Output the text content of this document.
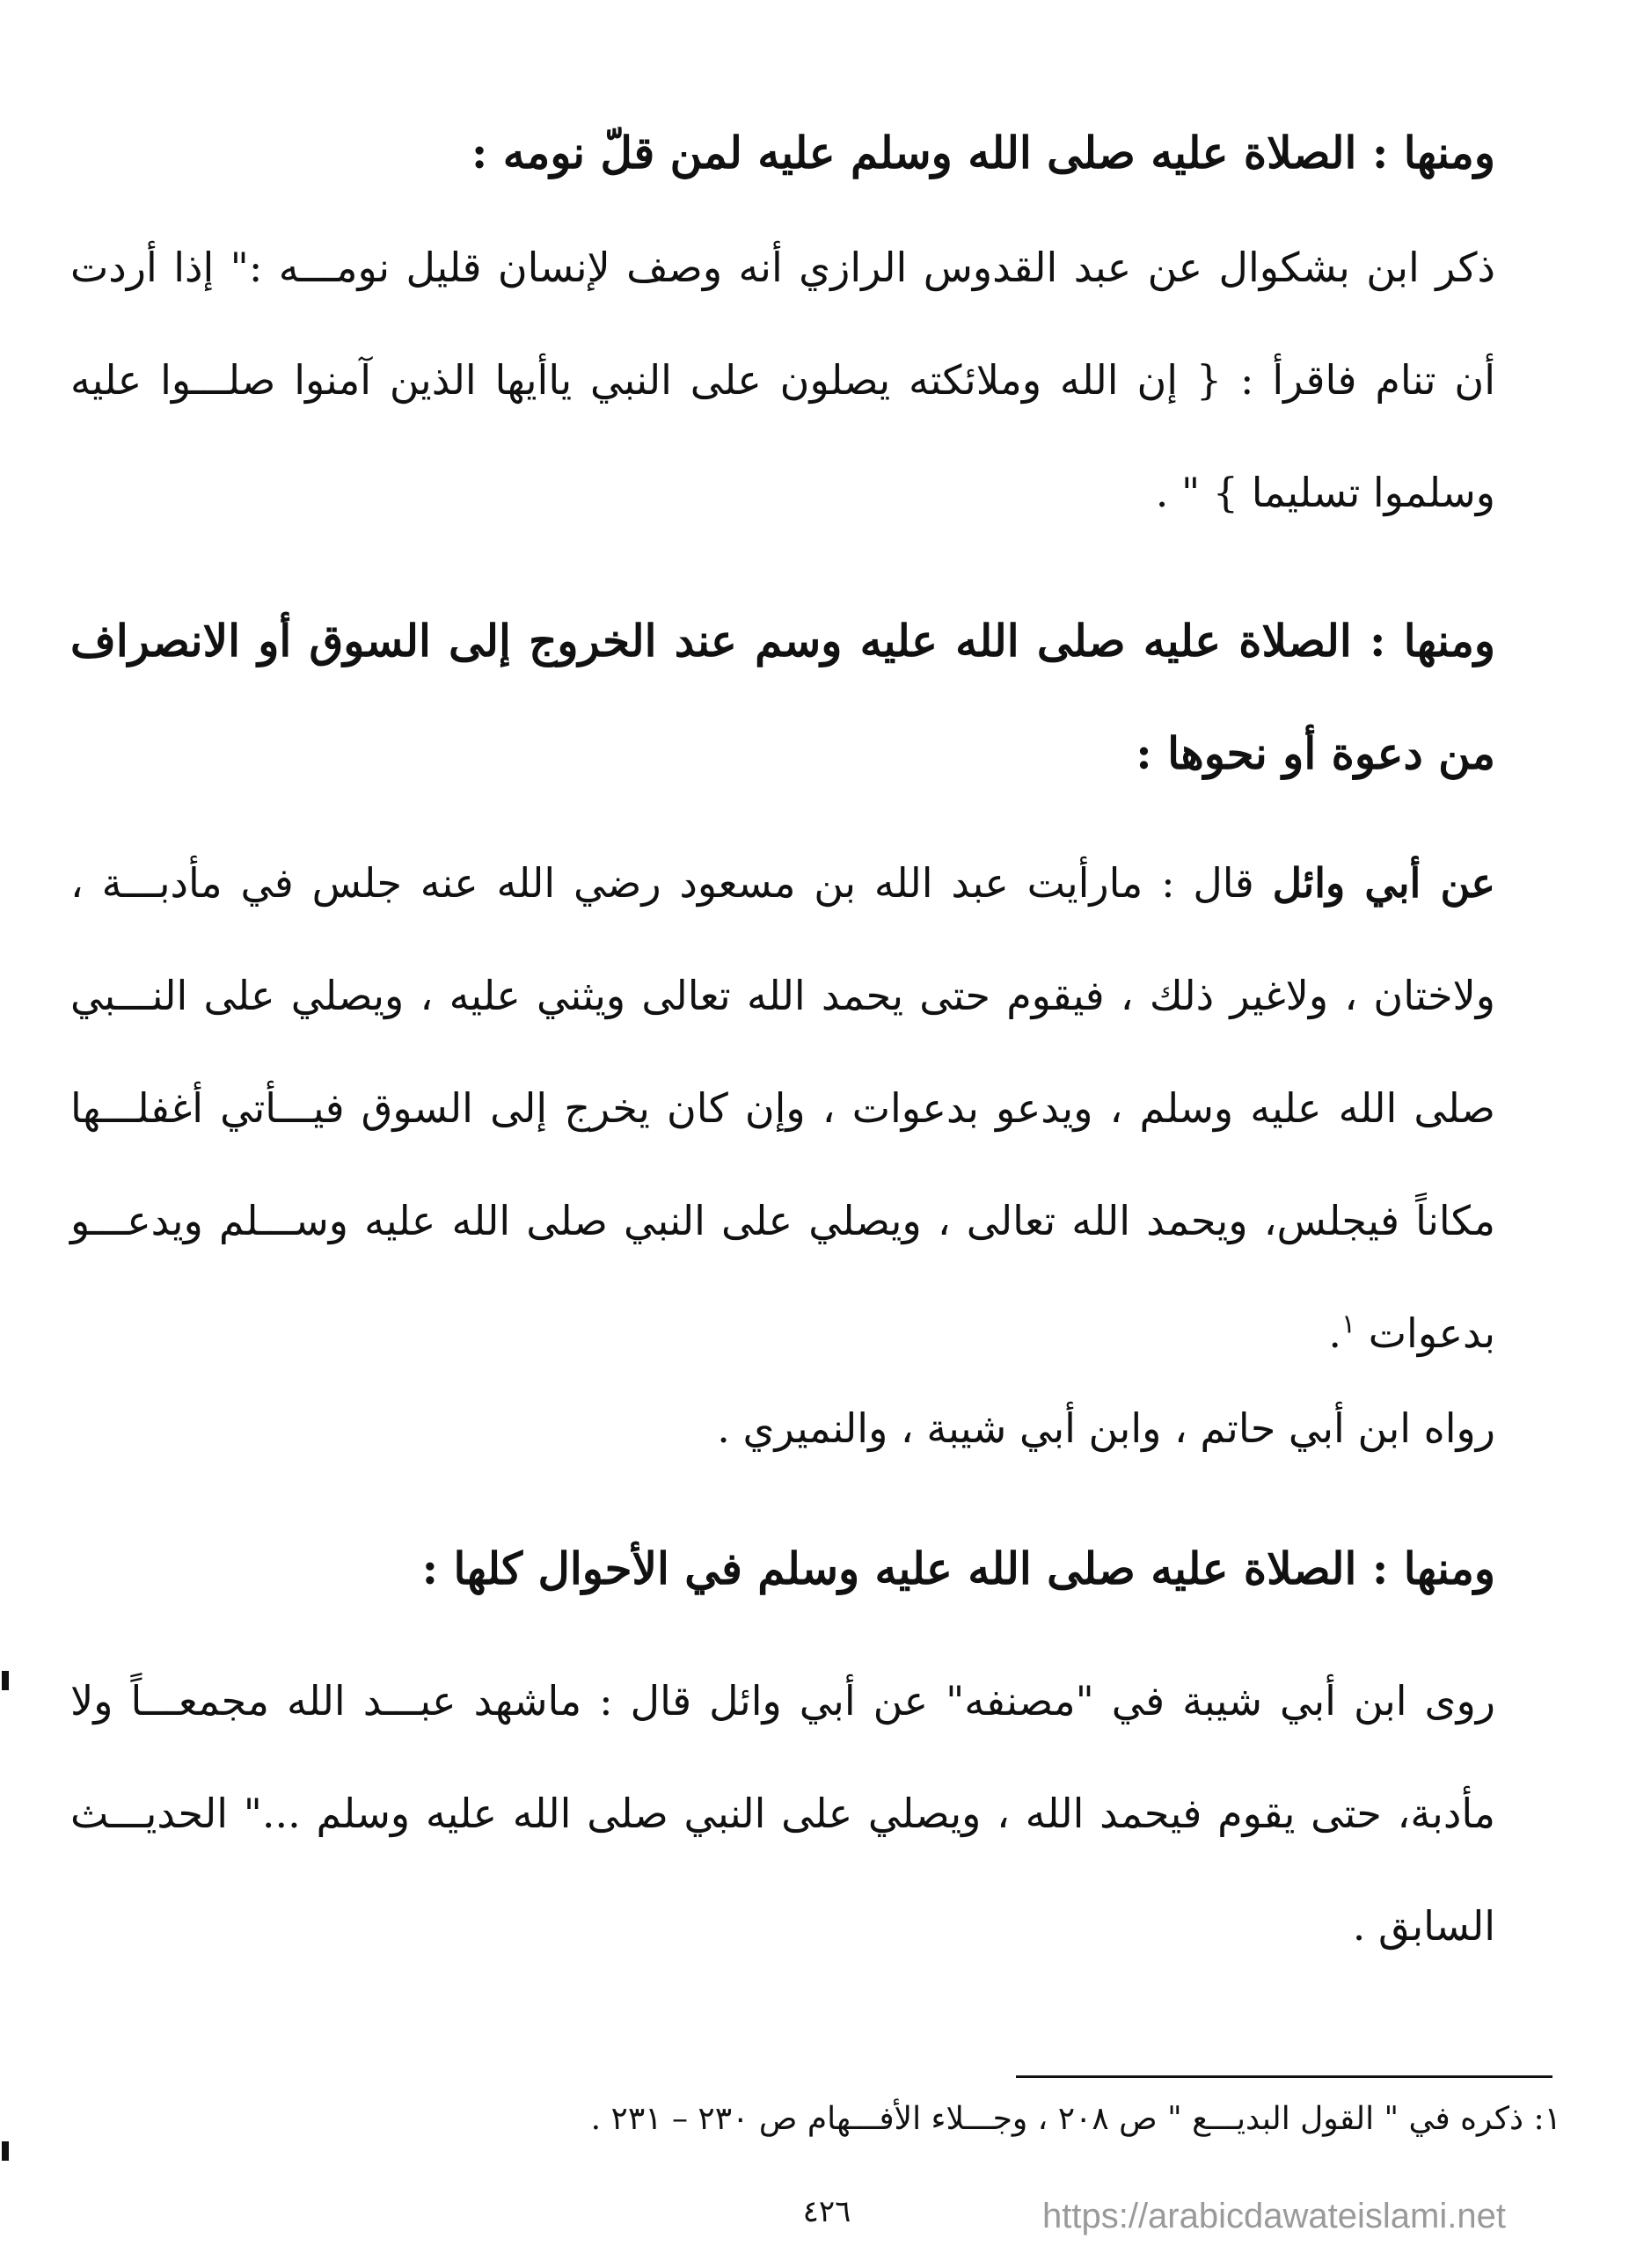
ومنها : الصلاة عليه صلى الله وسلم عليه لمن قلّ نومه :
ذكر ابن بشكوال عن عبد القدوس الرازي أنه وصف لإنسان قليل نومـــه :" إذا أردت أن تنام فاقرأ : { إن الله وملائكته يصلون على النبي ياأيها الذين آمنوا صلـــوا عليه وسلموا تسليما } " .
ومنها : الصلاة عليه صلى الله عليه وسم عند الخروج إلى السوق أو الانصراف من دعوة أو نحوها :
عن أبي وائل قال : مارأيت عبد الله بن مسعود رضي الله عنه جلس في مأدبـــة ، ولاختان ، ولاغير ذلك ، فيقوم حتى يحمد الله تعالى ويثني عليه ، ويصلي على النـــبي صلى الله عليه وسلم ، ويدعو بدعوات ، وإن كان يخرج إلى السوق فيـــأتي أغفلـــها مكاناً فيجلس، ويحمد الله تعالى ، ويصلي على النبي صلى الله عليه وســـلم ويدعـــو بدعوات $^١$.
رواه ابن أبي حاتم ، وابن أبي شيبة ، والنميري .
ومنها : الصلاة عليه صلى الله عليه وسلم في الأحوال كلها :
روى ابن أبي شيبة في "مصنفه" عن أبي وائل قال : ماشهد عبـــد الله مجمعـــاً ولا مأدبة، حتى يقوم فيحمد الله ، ويصلي على النبي صلى الله عليه وسلم ..." الحديـــث السابق .
١: ذكره في " القول البديـــع " ص ٢٠٨ ، وجـــلاء الأفـــهام ص ٢٣٠ – ٢٣١ .
٤٢٦	https://arabicdawateislami.net
